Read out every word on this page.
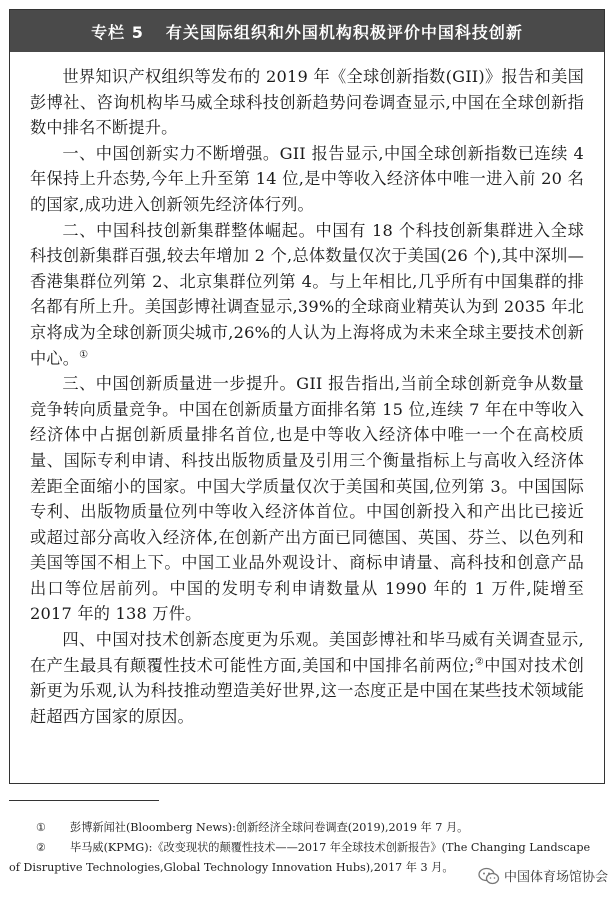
专栏 5 有关国际组织和外国机构积极评价中国科技创新

世界知识产权组织等发布的 2019 年《全球创新指数(GII)》报告和美国彭博社、咨询机构毕马威全球科技创新趋势问卷调查显示,中国在全球创新指数中排名不断提升。

一、中国创新实力不断增强。GII 报告显示,中国全球创新指数已连续 4 年保持上升态势,今年上升至第 14 位,是中等收入经济体中唯一进入前 20 名的国家,成功进入创新领先经济体行列。

二、中国科技创新集群整体崛起。中国有 18 个科技创新集群进入全球科技创新集群百强,较去年增加 2 个,总体数量仅次于美国(26 个),其中深圳—香港集群位列第 2、北京集群位列第 4。与上年相比,几乎所有中国集群的排名都有所上升。美国彭博社调查显示,39%的全球商业精英认为到 2035 年北京将成为全球创新顶尖城市,26%的人认为上海将成为未来全球主要技术创新中心。①

三、中国创新质量进一步提升。GII 报告指出,当前全球创新竞争从数量竞争转向质量竞争。中国在创新质量方面排名第 15 位,连续 7 年在中等收入经济体中占据创新质量排名首位,也是中等收入经济体中唯一一个在高校质量、国际专利申请、科技出版物质量及引用三个衡量指标上与高收入经济体差距全面缩小的国家。中国大学质量仅次于美国和英国,位列第 3。中国国际专利、出版物质量位列中等收入经济体首位。中国创新投入和产出比已接近或超过部分高收入经济体,在创新产出方面已同德国、英国、芬兰、以色列和美国等国不相上下。中国工业品外观设计、商标申请量、高科技和创意产品出口等位居前列。中国的发明专利申请数量从 1990 年的 1 万件,陡增至 2017 年的 138 万件。

四、中国对技术创新态度更为乐观。美国彭博社和毕马威有关调查显示,在产生最具有颠覆性技术可能性方面,美国和中国排名前两位;②中国对技术创新更为乐观,认为科技推动塑造美好世界,这一态度正是中国在某些技术领域能赶超西方国家的原因。

① 彭博新闻社(Bloomberg News):创新经济全球问卷调查(2019),2019 年 7 月。

② 毕马威(KPMG):《改变现状的颠覆性技术——2017 年全球技术创新报告》(The Changing Landscape

of Disruptive Technologies,Global Technology Innovation Hubs),2017 年 3 月。

中国体育场馆协会
